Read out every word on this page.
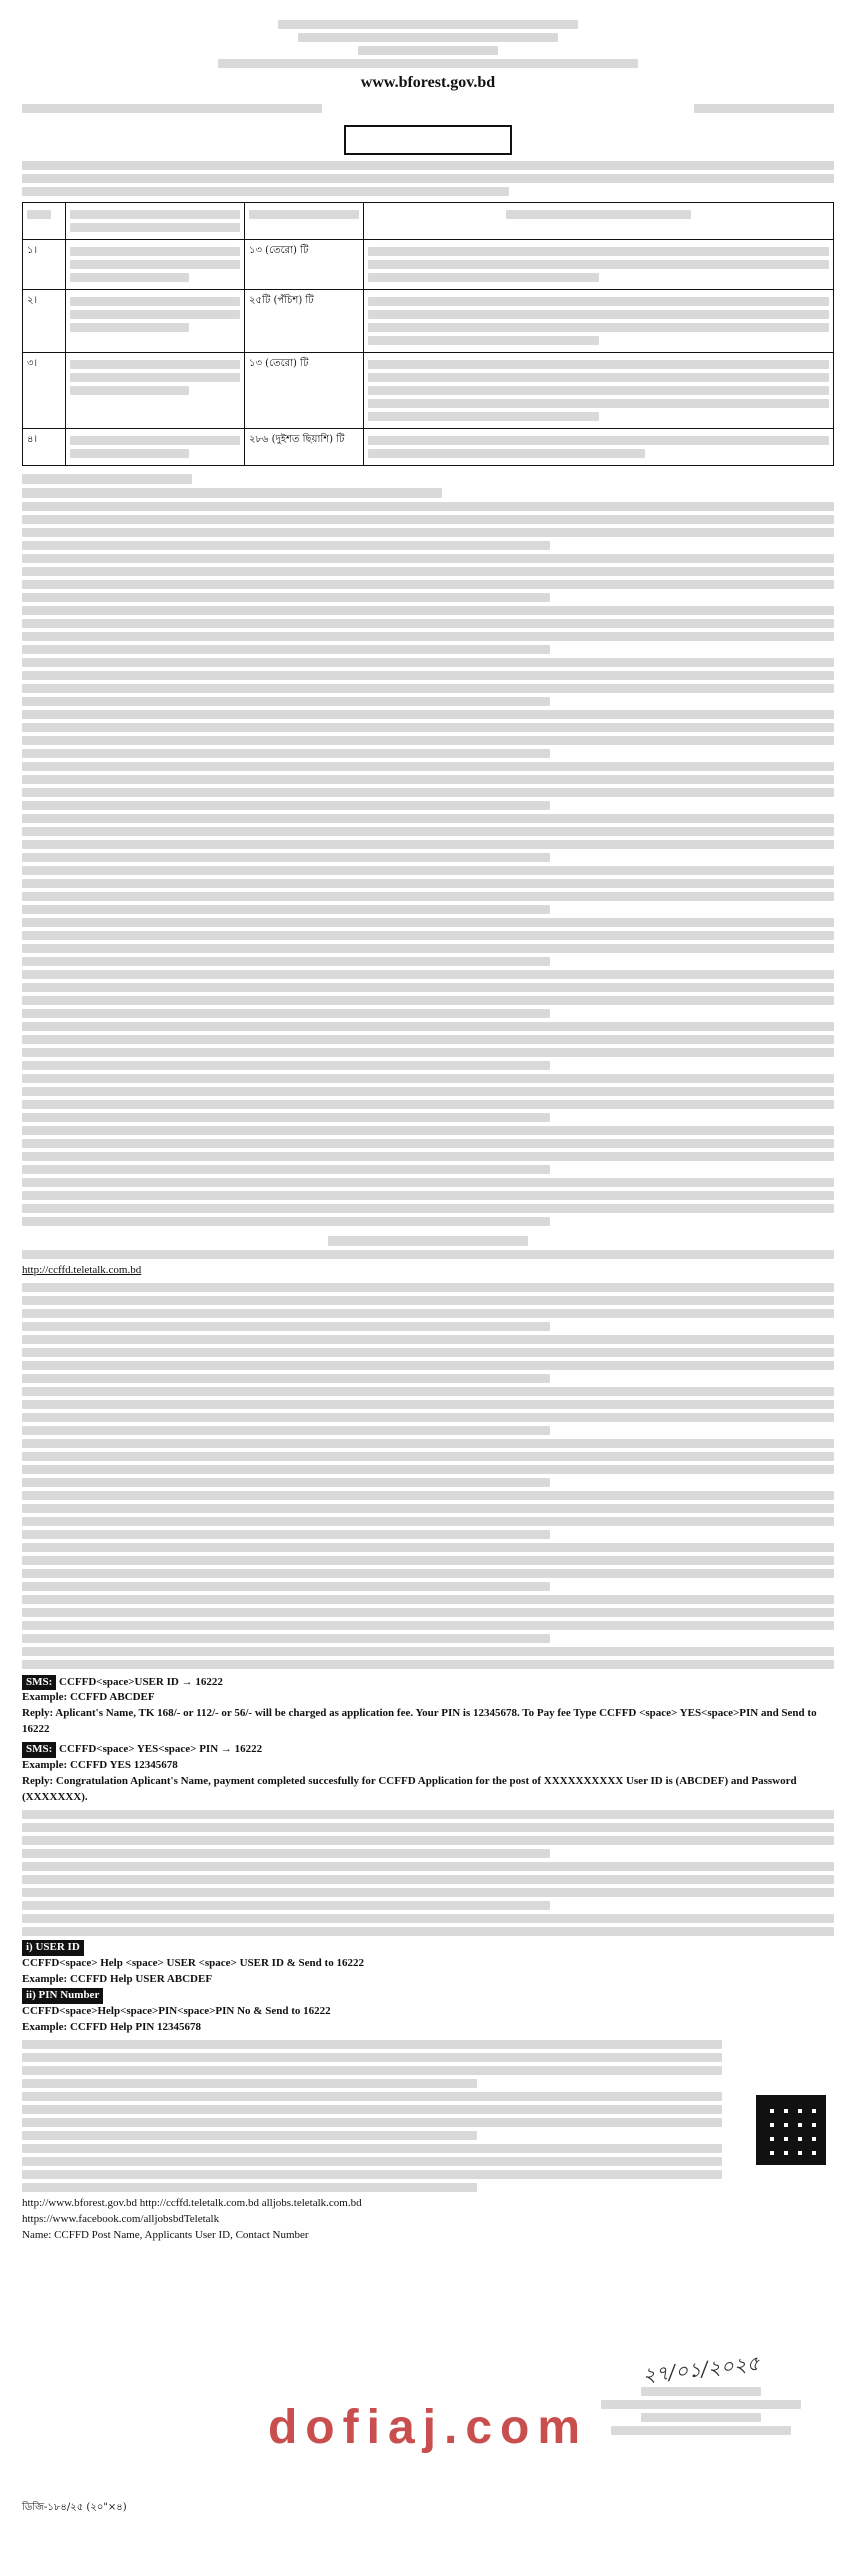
www.bforest.gov.bd

১।		১৩ (তেরো) টি	

২।		২৫টি (পঁচিশ) টি	

৩।		১৩ (তেরো) টি	

৪।		২৮৬ (দুইশত ছিয়াশি) টি	
http://ccffd.teletalk.com.bd
SMS: CCFFD<space>USER ID → 16222
Example: CCFFD ABCDEF
Reply: Aplicant's Name, TK 168/- or 112/- or 56/- will be charged as application fee. Your PIN is 12345678. To Pay fee Type CCFFD <space> YES<space>PIN and Send to 16222
SMS: CCFFD<space> YES<space> PIN → 16222
Example: CCFFD YES 12345678
Reply: Congratulation Aplicant's Name, payment completed succesfully for CCFFD Application for the post of XXXXXXXXXX User ID is (ABCDEF) and Password (XXXXXXX).
i) USER ID
CCFFD<space> Help <space> USER <space> USER ID & Send to 16222
Example: CCFFD Help USER ABCDEF
ii) PIN Number
CCFFD<space>Help<space>PIN<space>PIN No & Send to 16222
Example: CCFFD Help PIN 12345678
http://www.bforest.gov.bd http://ccffd.teletalk.com.bd alljobs.teletalk.com.bd
https://www.facebook.com/alljobsbdTeletalk
Name: CCFFD Post Name, Applicants User ID, Contact Number
dofiaj.com
২৭/০১/২০২৫
ডিজি-১৮৪/২৫ (২০"×৪)
